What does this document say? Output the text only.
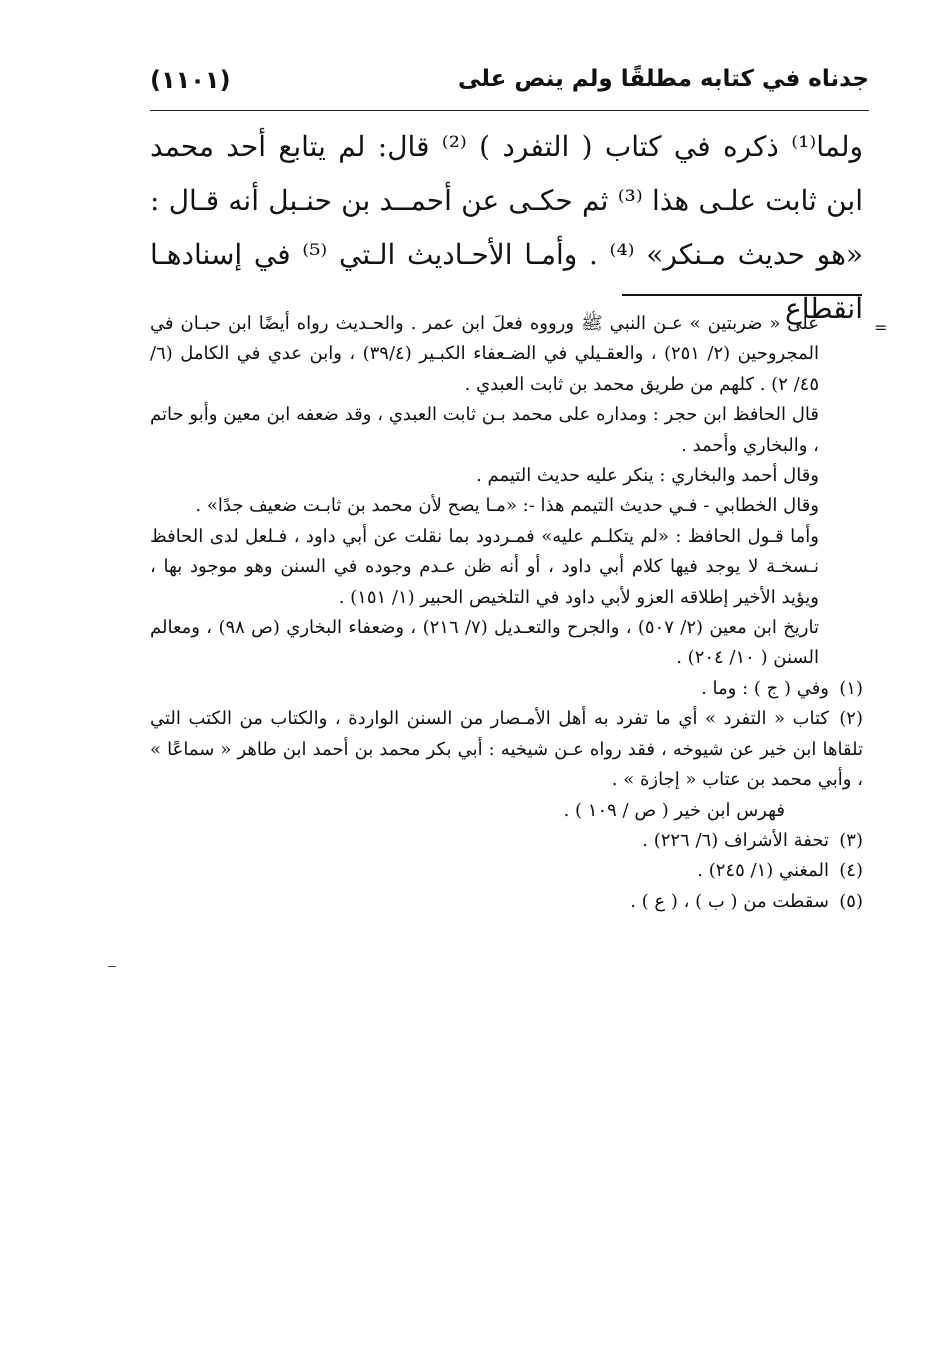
جدناه في كتابه مطلقًا ولم ينص على
(١١٠١)
ولما⁽¹⁾ ذكره في كتاب ( التفرد ) ⁽²⁾ قال: لم يتابع أحد محمد ابن ثابت علـى هذا ⁽³⁾ ثم حكـى عن أحمــد بن حنـبل أنه قـال : «هو حديث مـنكر» ⁽⁴⁾ . وأمـا الأحـاديث الـتي ⁽⁵⁾ في إسنادهـا انقطاع
=

على « ضربتين » عـن النبي ﷺ ورووه فعلَ ابن عمر . والحـديث رواه أيضًا ابن حبـان في المجروحين (٢/ ٢٥١) ، والعقـيلي في الضـعفاء الكبـير (٣٩/٤) ، وابن عدي في الكامل (٦/ ٤٥/ ٢) . كلهم من طريق محمد بن ثابت العبدي .

قال الحافظ ابن حجر : ومداره على محمد بـن ثابت العبدي ، وقد ضعفه ابن معين وأبو حاتم ، والبخاري وأحمد .

وقال أحمد والبخاري : ينكر عليه حديث التيمم .

وقال الخطابي - فـي حديث التيمم هذا -: «مـا يصح لأن محمد بن ثابـت ضعيف جدًا» .

وأما قـول الحافظ : «لم يتكلـم عليه» فمـردود بما نقلت عن أبي داود ، فـلعل لدى الحافظ نـسخـة لا يوجد فيها كلام أبي داود ، أو أنه ظن عـدم وجوده في السنن وهو موجود بها ، ويؤيد الأخير إطلاقه العزو لأبي داود في التلخيص الحبير (١/ ١٥١) .

تاريخ ابن معين (٢/ ٥٠٧) ، والجرح والتعـديل (٧/ ٢١٦) ، وضعفاء البخاري (ص ٩٨) ، ومعالم السنن ( ١٠/ ٢٠٤) .

(١)وفي ( ج ) : وما .

(٢)كتاب « التفرد » أي ما تفرد به أهل الأمـصار من السنن الواردة ، والكتاب من الكتب التي تلقاها ابن خير عن شيوخه ، فقد رواه عـن شيخيه : أبي بكر محمد بن أحمد ابن طاهر « سماعًا » ، وأبي محمد بن عتاب « إجازة » .

فهرس ابن خير ( ص / ١٠٩ ) .

(٣)تحفة الأشراف (٦/ ٢٢٦) .

(٤)المغني (١/ ٢٤٥) .

(٥)سقطت من ( ب ) ، ( ع ) .
